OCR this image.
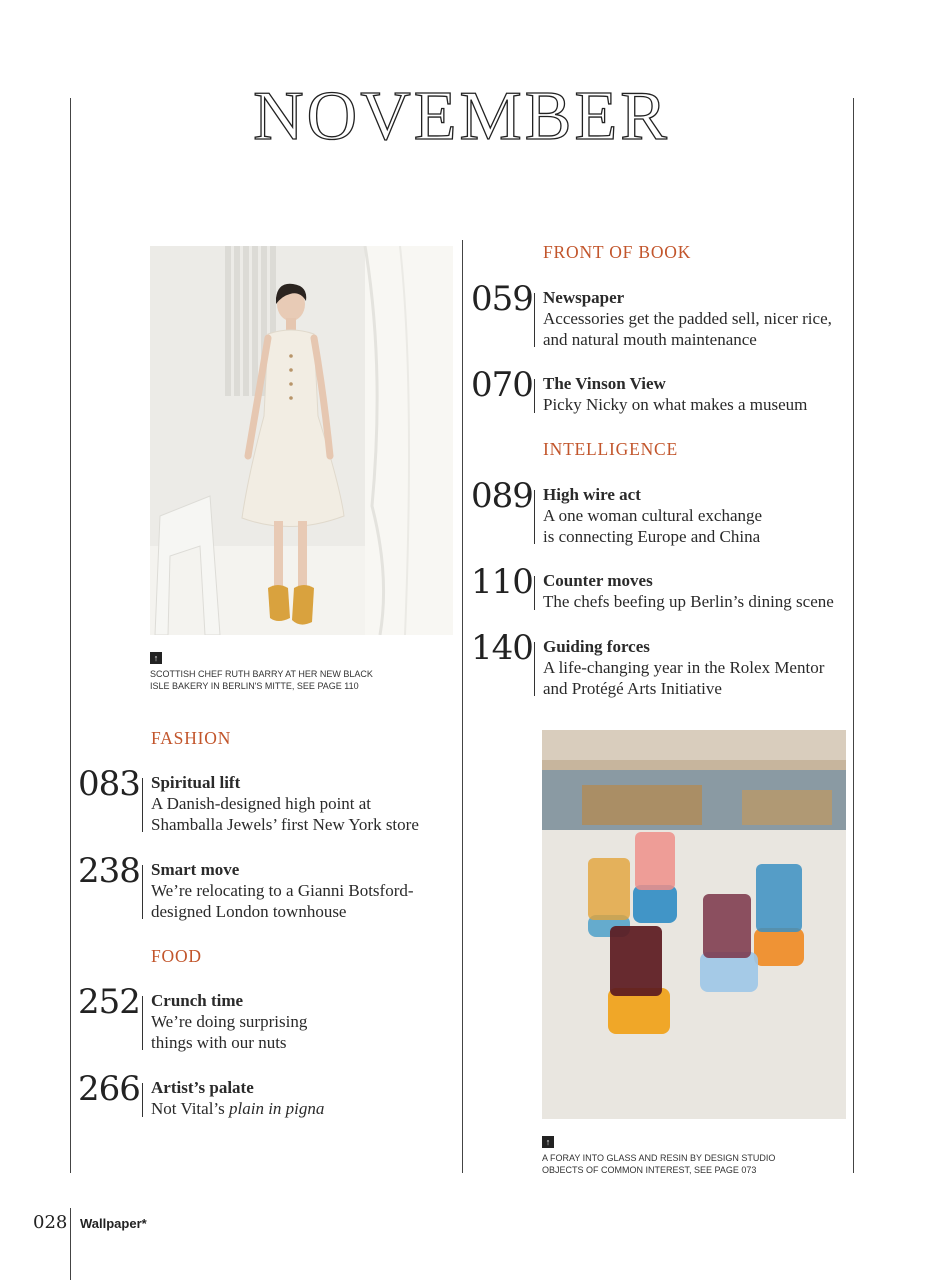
NOVEMBER
↑
SCOTTISH CHEF RUTH BARRY AT HER NEW BLACK
ISLE BAKERY IN BERLIN'S MITTE, SEE PAGE 110
FASHION
083 Spiritual lift
A Danish-designed high point at
Shamballa Jewels’ first New York store
238 Smart move
We’re relocating to a Gianni Botsford-
designed London townhouse
FOOD
252 Crunch time
We’re doing surprising
things with our nuts
266 Artist’s palate
Not Vital’s plain in pigna
FRONT OF BOOK
059 Newspaper
Accessories get the padded sell, nicer rice,
and natural mouth maintenance
070 The Vinson View
Picky Nicky on what makes a museum
INTELLIGENCE
089 High wire act
A one woman cultural exchange
is connecting Europe and China
110 Counter moves
The chefs beefing up Berlin’s dining scene
140 Guiding forces
A life-changing year in the Rolex Mentor
and Protégé Arts Initiative
↑
A FORAY INTO GLASS AND RESIN BY DESIGN STUDIO
OBJECTS OF COMMON INTEREST, SEE PAGE 073
028 Wallpaper*
